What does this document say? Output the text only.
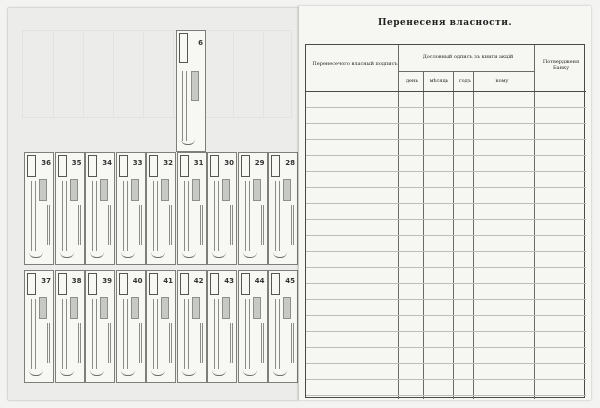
6
36	35	34	33	32	31	30	29	28
37	38	39	40	41	42	43	44	45
Перенесеня власности.
Перенесечого власный подписъ
Дословный одписъ зъ книги акцій
день	мѣсяць	годъ	кому
Потвердженя Банку
